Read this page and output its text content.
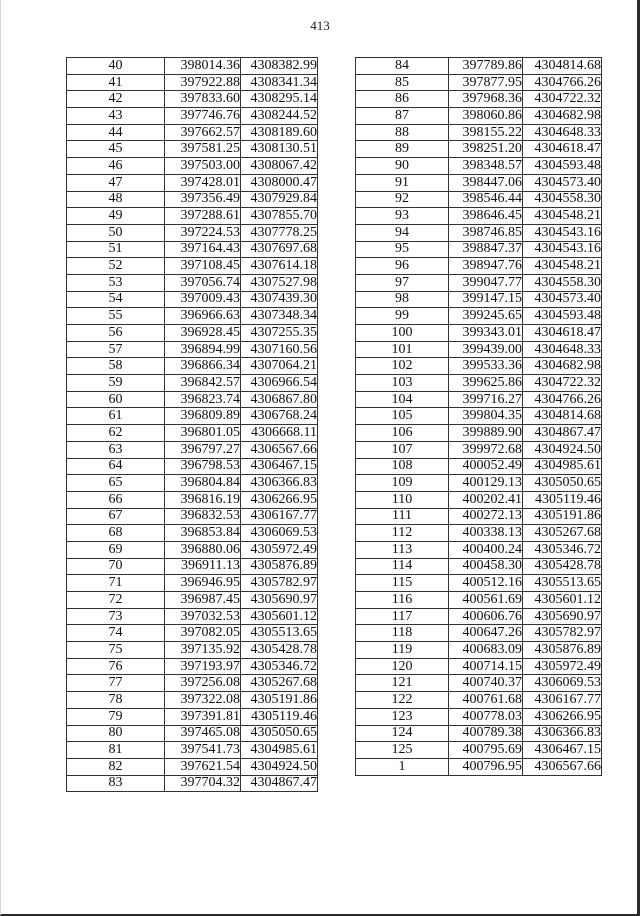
413
40	398014.36	4308382.99
41	397922.88	4308341.34
42	397833.60	4308295.14
43	397746.76	4308244.52
44	397662.57	4308189.60
45	397581.25	4308130.51
46	397503.00	4308067.42
47	397428.01	4308000.47
48	397356.49	4307929.84
49	397288.61	4307855.70
50	397224.53	4307778.25
51	397164.43	4307697.68
52	397108.45	4307614.18
53	397056.74	4307527.98
54	397009.43	4307439.30
55	396966.63	4307348.34
56	396928.45	4307255.35
57	396894.99	4307160.56
58	396866.34	4307064.21
59	396842.57	4306966.54
60	396823.74	4306867.80
61	396809.89	4306768.24
62	396801.05	4306668.11
63	396797.27	4306567.66
64	396798.53	4306467.15
65	396804.84	4306366.83
66	396816.19	4306266.95
67	396832.53	4306167.77
68	396853.84	4306069.53
69	396880.06	4305972.49
70	396911.13	4305876.89
71	396946.95	4305782.97
72	396987.45	4305690.97
73	397032.53	4305601.12
74	397082.05	4305513.65
75	397135.92	4305428.78
76	397193.97	4305346.72
77	397256.08	4305267.68
78	397322.08	4305191.86
79	397391.81	4305119.46
80	397465.08	4305050.65
81	397541.73	4304985.61
82	397621.54	4304924.50
83	397704.32	4304867.47
84	397789.86	4304814.68
85	397877.95	4304766.26
86	397968.36	4304722.32
87	398060.86	4304682.98
88	398155.22	4304648.33
89	398251.20	4304618.47
90	398348.57	4304593.48
91	398447.06	4304573.40
92	398546.44	4304558.30
93	398646.45	4304548.21
94	398746.85	4304543.16
95	398847.37	4304543.16
96	398947.76	4304548.21
97	399047.77	4304558.30
98	399147.15	4304573.40
99	399245.65	4304593.48
100	399343.01	4304618.47
101	399439.00	4304648.33
102	399533.36	4304682.98
103	399625.86	4304722.32
104	399716.27	4304766.26
105	399804.35	4304814.68
106	399889.90	4304867.47
107	399972.68	4304924.50
108	400052.49	4304985.61
109	400129.13	4305050.65
110	400202.41	4305119.46
111	400272.13	4305191.86
112	400338.13	4305267.68
113	400400.24	4305346.72
114	400458.30	4305428.78
115	400512.16	4305513.65
116	400561.69	4305601.12
117	400606.76	4305690.97
118	400647.26	4305782.97
119	400683.09	4305876.89
120	400714.15	4305972.49
121	400740.37	4306069.53
122	400761.68	4306167.77
123	400778.03	4306266.95
124	400789.38	4306366.83
125	400795.69	4306467.15
1	400796.95	4306567.66
